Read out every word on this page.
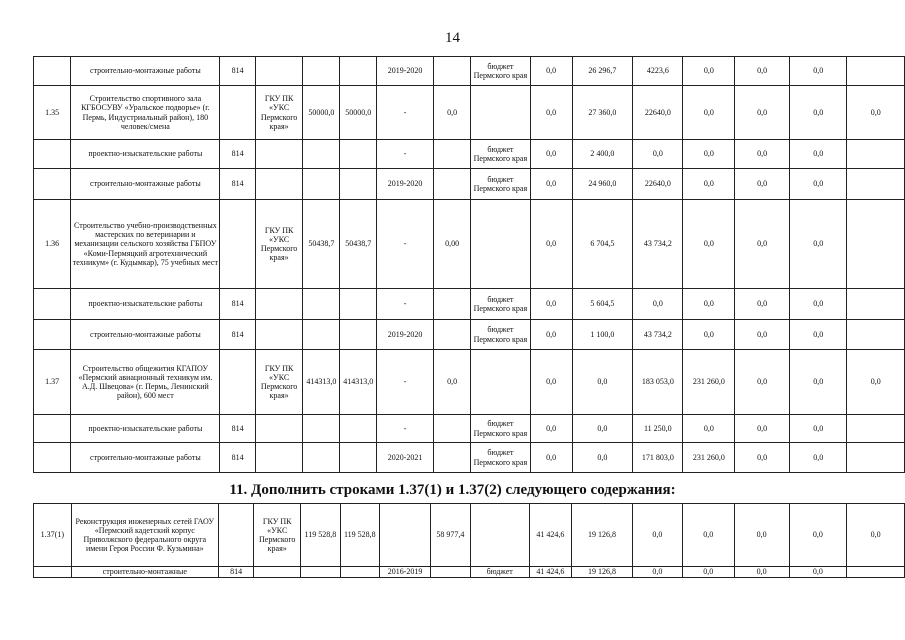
14
	строительно-монтажные работы	814				2019-2020		бюджет Пермского края	0,0	26 296,7	4223,6	0,0	0,0	0,0	
1.35	Строительство спортивного зала КГБОСУВУ «Уральское подворье» (г. Пермь, Индустриальный район), 180 человек/смена		ГКУ ПК «УКС Пермского края»	50000,0	50000,0	-	0,0		0,0	27 360,0	22640,0	0,0	0,0	0,0	0,0
	проектно-изыскательские работы	814				-		бюджет Пермского края	0,0	2 400,0	0,0	0,0	0,0	0,0	
	строительно-монтажные работы	814				2019-2020		бюджет Пермского края	0,0	24 960,0	22640,0	0,0	0,0	0,0	
1.36	Строительство учебно-производственных мастерских по ветеринарии и механизации сельского хозяйства ГБПОУ «Коми-Пермяцкий агротехнический техникум» (г. Кудымкар), 75 учебных мест		ГКУ ПК «УКС Пермского края»	50438,7	50438,7	-	0,00		0,0	6 704,5	43 734,2	0,0	0,0	0,0	
	проектно-изыскательские работы	814				-		бюджет Пермского края	0,0	5 604,5	0,0	0,0	0,0	0,0	
	строительно-монтажные работы	814				2019-2020		бюджет Пермского края	0,0	1 100,0	43 734,2	0,0	0,0	0,0	
1.37	Строительство общежития КГАПОУ «Пермский авиационный техникум им. А.Д. Швецова» (г. Пермь, Ленинский район), 600 мест		ГКУ ПК «УКС Пермского края»	414313,0	414313,0	-	0,0		0,0	0,0	183 053,0	231 260,0	0,0	0,0	0,0
	проектно-изыскательские работы	814				-		бюджет Пермского края	0,0	0,0	11 250,0	0,0	0,0	0,0	
	строительно-монтажные работы	814				2020-2021		бюджет Пермского края	0,0	0,0	171 803,0	231 260,0	0,0	0,0	
11. Дополнить строками 1.37(1) и 1.37(2) следующего содержания:
1.37(1)	Реконструкция инженерных сетей ГАОУ «Пермский кадетский корпус Приволжского федерального округа имени Героя России Ф. Кузьмина»		ГКУ ПК «УКС Пермского края»	119 528,8	119 528,8		58 977,4		41 424,6	19 126,8	0,0	0,0	0,0	0,0	0,0
	строительно-монтажные	814				2016-2019		бюджет	41 424,6	19 126,8	0,0	0,0	0,0	0,0	
